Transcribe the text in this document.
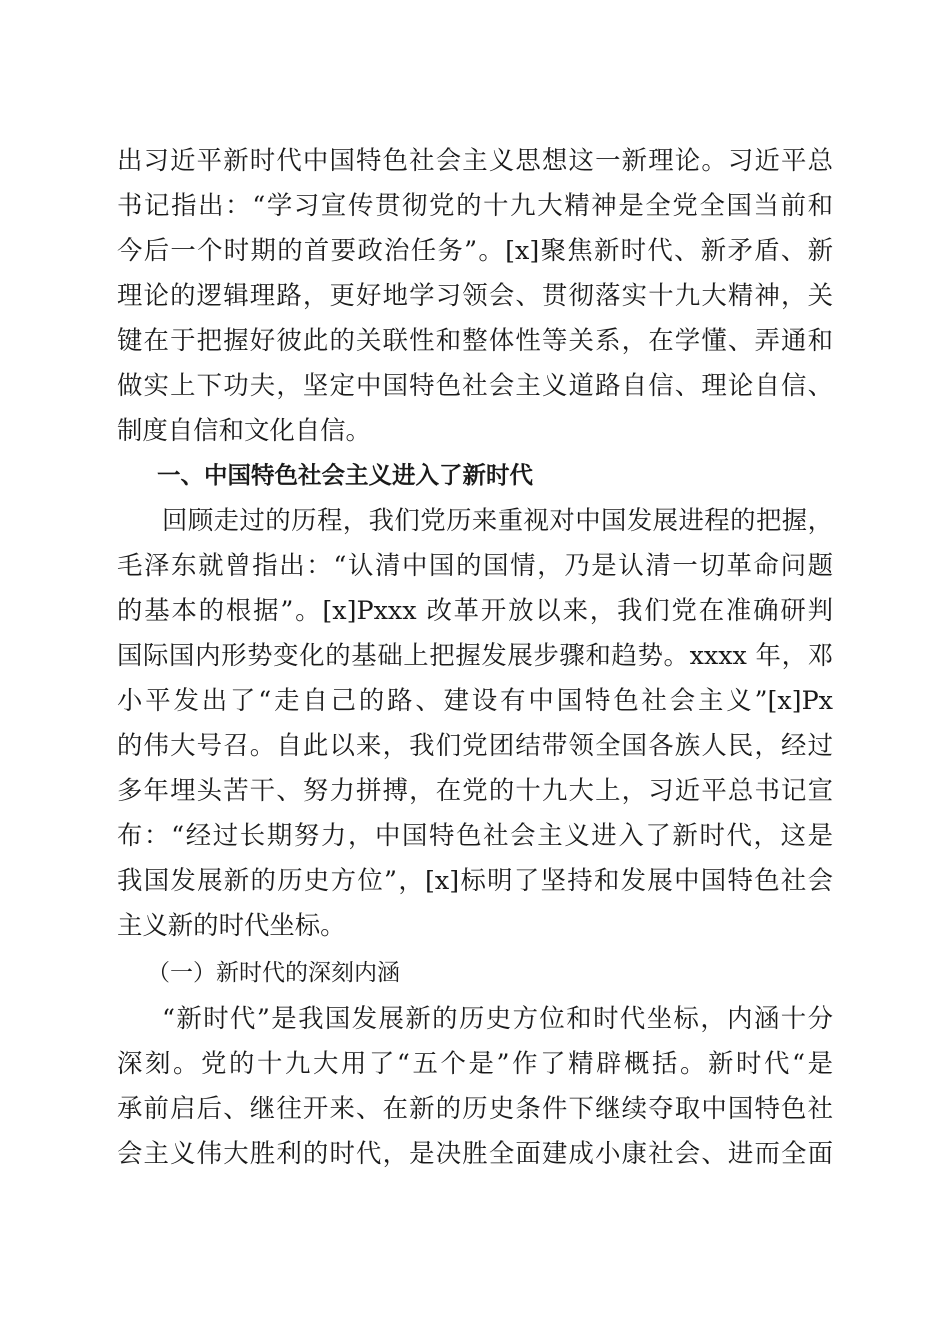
出习近平新时代中国特色社会主义思想这一新理论。习近平总
书记指出：“学习宣传贯彻党的十九大精神是全党全国当前和
今后一个时期的首要政治任务”。[x]聚焦新时代、新矛盾、新
理论的逻辑理路，更好地学习领会、贯彻落实十九大精神，关
键在于把握好彼此的关联性和整体性等关系，在学懂、弄通和
做实上下功夫，坚定中国特色社会主义道路自信、理论自信、
制度自信和文化自信。
一、中国特色社会主义进入了新时代
回顾走过的历程，我们党历来重视对中国发展进程的把握，
毛泽东就曾指出：“认清中国的国情，乃是认清一切革命问题
的基本的根据”。[x]Pxxx 改革开放以来，我们党在准确研判
国际国内形势变化的基础上把握发展步骤和趋势。xxxx 年，邓
小平发出了“走自己的路、建设有中国特色社会主义”[x]Px
的伟大号召。自此以来，我们党团结带领全国各族人民，经过
多年埋头苦干、努力拼搏，在党的十九大上，习近平总书记宣
布：“经过长期努力，中国特色社会主义进入了新时代，这是
我国发展新的历史方位”，[x]标明了坚持和发展中国特色社会
主义新的时代坐标。
（一）新时代的深刻内涵
“新时代”是我国发展新的历史方位和时代坐标，内涵十分
深刻。党的十九大用了“五个是”作了精辟概括。新时代“是
承前启后、继往开来、在新的历史条件下继续夺取中国特色社
会主义伟大胜利的时代，是决胜全面建成小康社会、进而全面
